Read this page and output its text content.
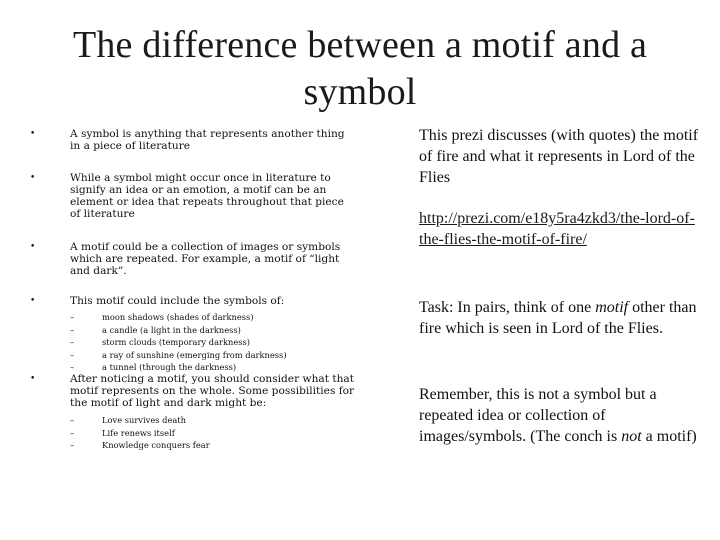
The difference between a motif and a symbol
•	A symbol is anything that represents another thing in a piece of literature
•	While a symbol might occur once in literature to signify an idea or an emotion, a motif can be an element or idea that repeats throughout that piece of literature
•	A motif could be a collection of images or symbols which are repeated. For example, a motif of “light and dark”.
•	This motif could include the symbols of:
–	moon shadows (shades of darkness)
–	a candle (a light in the darkness)
–	storm clouds (temporary darkness)
–	a ray of sunshine (emerging from darkness)
–	a tunnel (through the darkness)
•	After noticing a motif, you should consider what that motif represents on the whole. Some possibilities for the motif of light and dark might be:
–	Love survives death
–	Life renews itself
–	Knowledge conquers fear

This prezi discusses (with quotes) the motif of fire and what it represents in Lord of the Flies

http://prezi.com/e18y5ra4zkd3/the-lord-of-the-flies-the-motif-of-fire/

Task: In pairs, think of one motif other than fire which is seen in Lord of the Flies.

Remember, this is not a symbol but a repeated idea or collection of images/symbols. (The conch is not a motif)
